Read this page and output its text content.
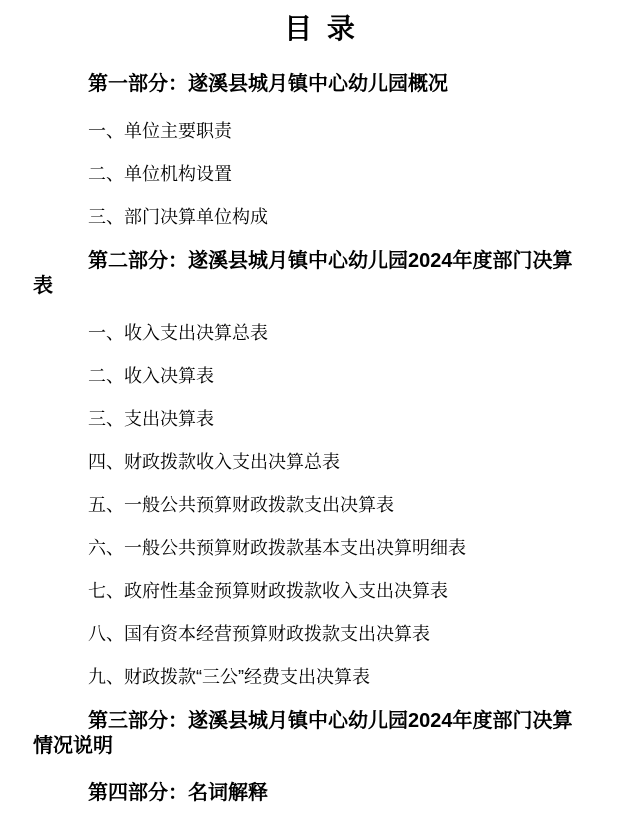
目 录
第一部分：遂溪县城月镇中心幼儿园概况
一、单位主要职责
二、单位机构设置
三、部门决算单位构成
第二部分：遂溪县城月镇中心幼儿园2024年度部门决算表
一、收入支出决算总表
二、收入决算表
三、支出决算表
四、财政拨款收入支出决算总表
五、一般公共预算财政拨款支出决算表
六、一般公共预算财政拨款基本支出决算明细表
七、政府性基金预算财政拨款收入支出决算表
八、国有资本经营预算财政拨款支出决算表
九、财政拨款“三公”经费支出决算表
第三部分：遂溪县城月镇中心幼儿园2024年度部门决算情况说明
第四部分：名词解释
